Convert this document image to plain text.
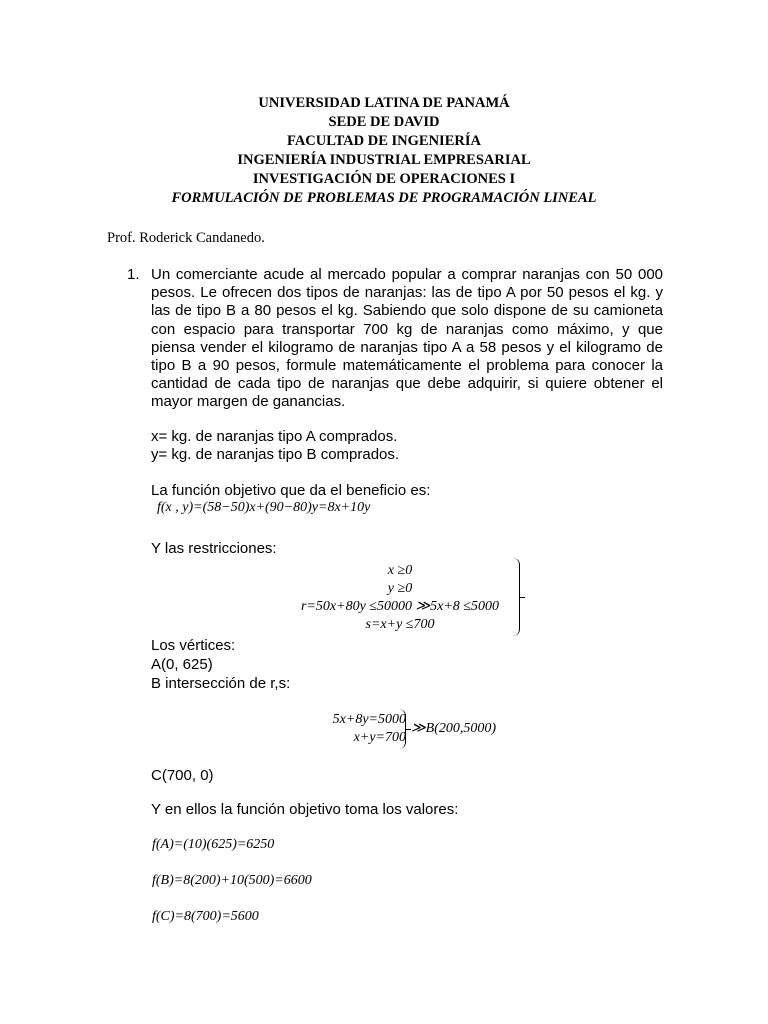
UNIVERSIDAD LATINA DE PANAMÁ
SEDE DE DAVID
FACULTAD DE INGENIERÍA
INGENIERÍA INDUSTRIAL EMPRESARIAL
INVESTIGACIÓN DE OPERACIONES I
FORMULACIÓN DE PROBLEMAS DE PROGRAMACIÓN LINEAL
Prof. Roderick Candanedo.
1. Un comerciante acude al mercado popular a comprar naranjas con 50 000 pesos. Le ofrecen dos tipos de naranjas: las de tipo A por 50 pesos el kg. y las de tipo B a 80 pesos el kg. Sabiendo que solo dispone de su camioneta con espacio para transportar 700 kg de naranjas como máximo, y que piensa vender el kilogramo de naranjas tipo A a 58 pesos y el kilogramo de tipo B a 90 pesos, formule matemáticamente el problema para conocer la cantidad de cada tipo de naranjas que debe adquirir, si quiere obtener el mayor margen de ganancias.

x= kg. de naranjas tipo A comprados.

y= kg. de naranjas tipo B comprados.

La función objetivo que da el beneficio es:

f(x , y)=(58−50)x+(90−80)y=8x+10y

Y las restricciones:

x ≥0
y ≥0
r=50x+80y ≤50000 ≫5x+8 ≤5000
s=x+y ≤700

Los vértices:

A(0, 625)

B intersección de r,s:

5x+8y=5000
x+y=700
≫B(200,5000)

C(700, 0)

Y en ellos la función objetivo toma los valores:

f(A)=(10)(625)=6250
f(B)=8(200)+10(500)=6600
f(C)=8(700)=5600
